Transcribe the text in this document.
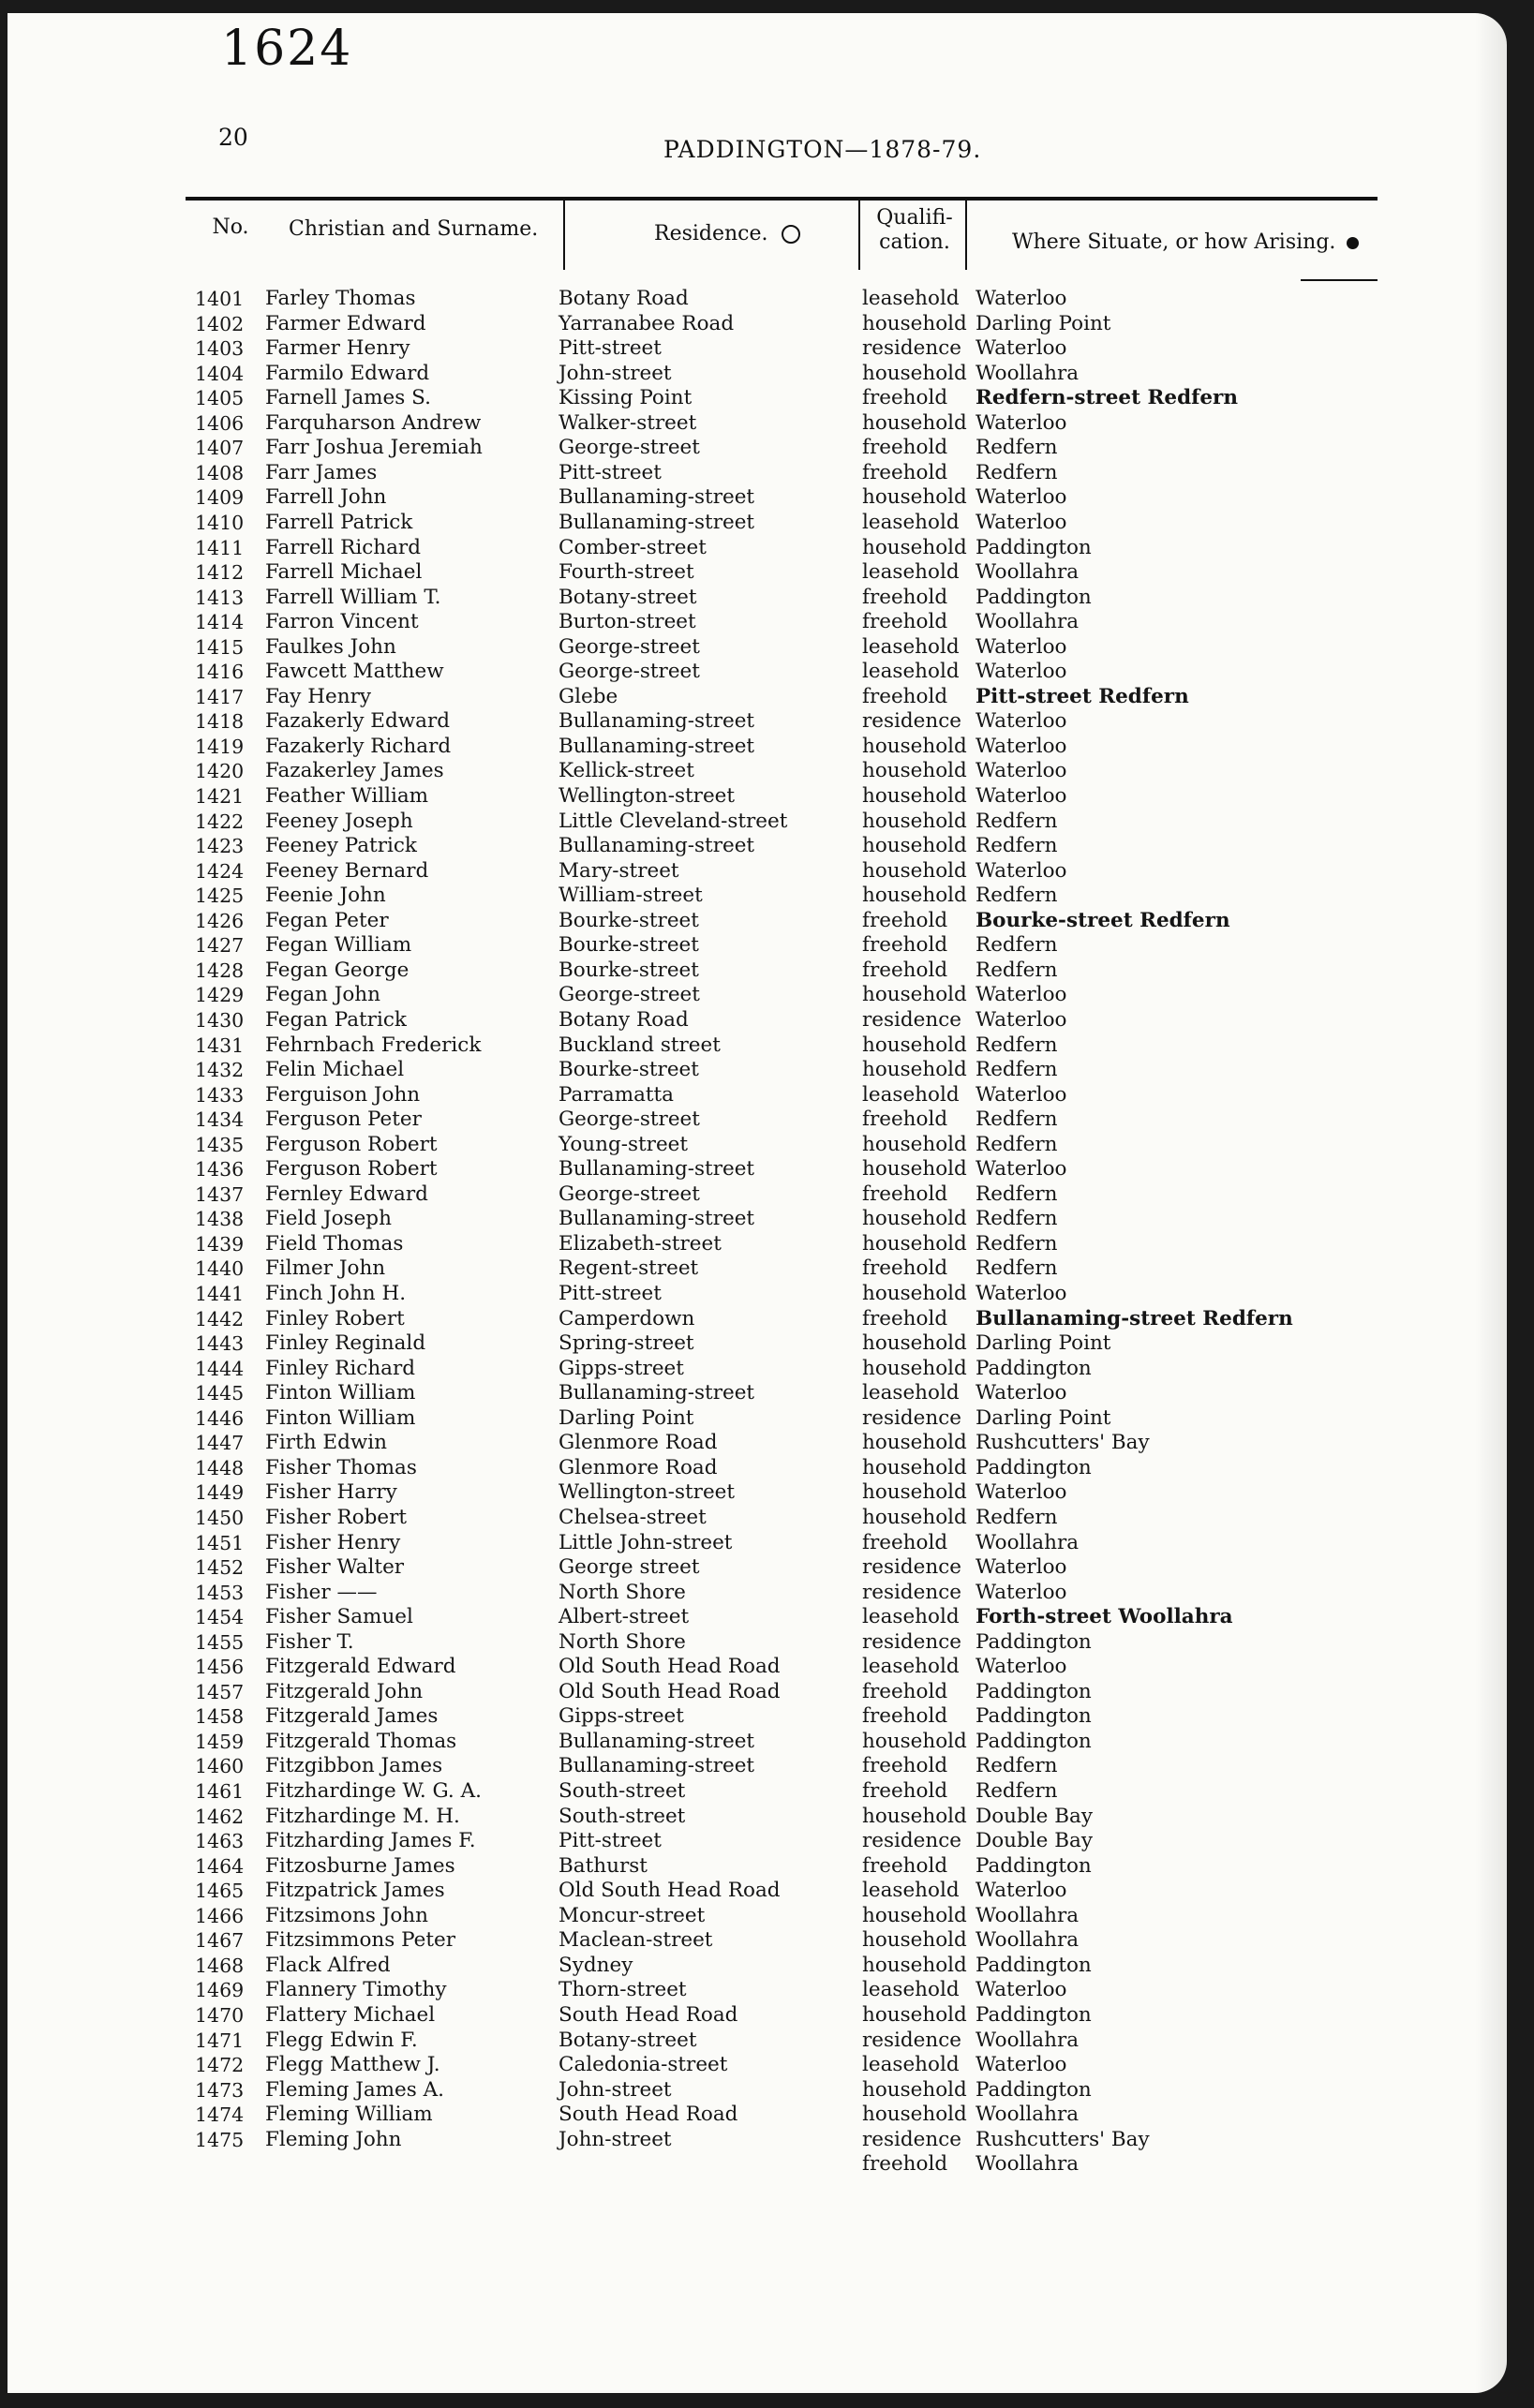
1624
20	PADDINGTON—1878-79.
No.	Christian and Surname.	Residence.
Qualifi-
cation.	Where Situate, or how Arising.
1401 Farley Thomas	Botany Road	leasehold Waterloo
1402 Farmer Edward	Yarranabee Road	household Darling Point
1403 Farmer Henry	Pitt-street	residence Waterloo
1404 Farmilo Edward	John-street	household Woollahra
1405 Farnell James S.	Kissing Point	freehold Redfern-street Redfern
1406 Farquharson Andrew	Walker-street	household Waterloo
1407 Farr Joshua Jeremiah	George-street	freehold Redfern
1408 Farr James	Pitt-street	freehold Redfern
1409 Farrell John	Bullanaming-street	household Waterloo
1410 Farrell Patrick	Bullanaming-street	leasehold Waterloo
1411 Farrell Richard	Comber-street	household Paddington
1412 Farrell Michael	Fourth-street	leasehold Woollahra
1413 Farrell William T.	Botany-street	freehold Paddington
1414 Farron Vincent	Burton-street	freehold Woollahra
1415 Faulkes John	George-street	leasehold Waterloo
1416 Fawcett Matthew	George-street	leasehold Waterloo
1417 Fay Henry	Glebe	freehold Pitt-street Redfern
1418 Fazakerly Edward	Bullanaming-street	residence Waterloo
1419 Fazakerly Richard	Bullanaming-street	household Waterloo
1420 Fazakerley James	Kellick-street	household Waterloo
1421 Feather William	Wellington-street	household Waterloo
1422 Feeney Joseph	Little Cleveland-street	household Redfern
1423 Feeney Patrick	Bullanaming-street	household Redfern
1424 Feeney Bernard	Mary-street	household Waterloo
1425 Feenie John	William-street	household Redfern
1426 Fegan Peter	Bourke-street	freehold Bourke-street Redfern
1427 Fegan William	Bourke-street	freehold Redfern
1428 Fegan George	Bourke-street	freehold Redfern
1429 Fegan John	George-street	household Waterloo
1430 Fegan Patrick	Botany Road	residence Waterloo
1431 Fehrnbach Frederick	Buckland street	household Redfern
1432 Felin Michael	Bourke-street	household Redfern
1433 Ferguison John	Parramatta	leasehold Waterloo
1434 Ferguson Peter	George-street	freehold Redfern
1435 Ferguson Robert	Young-street	household Redfern
1436 Ferguson Robert	Bullanaming-street	household Waterloo
1437 Fernley Edward	George-street	freehold Redfern
1438 Field Joseph	Bullanaming-street	household Redfern
1439 Field Thomas	Elizabeth-street	household Redfern
1440 Filmer John	Regent-street	freehold Redfern
1441 Finch John H.	Pitt-street	household Waterloo
1442 Finley Robert	Camperdown	freehold Bullanaming-street Redfern
1443 Finley Reginald	Spring-street	household Darling Point
1444 Finley Richard	Gipps-street	household Paddington
1445 Finton William	Bullanaming-street	leasehold Waterloo
1446 Finton William	Darling Point	residence Darling Point
1447 Firth Edwin	Glenmore Road	household Rushcutters' Bay
1448 Fisher Thomas	Glenmore Road	household Paddington
1449 Fisher Harry	Wellington-street	household Waterloo
1450 Fisher Robert	Chelsea-street	household Redfern
1451 Fisher Henry	Little John-street	freehold Woollahra
1452 Fisher Walter	George street	residence Waterloo
1453 Fisher ——	North Shore	residence Waterloo
1454 Fisher Samuel	Albert-street	leasehold Forth-street Woollahra
1455 Fisher T.	North Shore	residence Paddington
1456 Fitzgerald Edward	Old South Head Road	leasehold Waterloo
1457 Fitzgerald John	Old South Head Road	freehold Paddington
1458 Fitzgerald James	Gipps-street	freehold Paddington
1459 Fitzgerald Thomas	Bullanaming-street	household Paddington
1460 Fitzgibbon James	Bullanaming-street	freehold Redfern
1461 Fitzhardinge W. G. A.	South-street	freehold Redfern
1462 Fitzhardinge M. H.	South-street	household Double Bay
1463 Fitzharding James F.	Pitt-street	residence Double Bay
1464 Fitzosburne James	Bathurst	freehold Paddington
1465 Fitzpatrick James	Old South Head Road	leasehold Waterloo
1466 Fitzsimons John	Moncur-street	household Woollahra
1467 Fitzsimmons Peter	Maclean-street	household Woollahra
1468 Flack Alfred	Sydney	household Paddington
1469 Flannery Timothy	Thorn-street	leasehold Waterloo
1470 Flattery Michael	South Head Road	household Paddington
1471 Flegg Edwin F.	Botany-street	residence Woollahra
1472 Flegg Matthew J.	Caledonia-street	leasehold Waterloo
1473 Fleming James A.	John-street	household Paddington
1474 Fleming William	South Head Road	household Woollahra
1475 Fleming John	John-street	residence Rushcutters' Bay
freehold Woollahra
